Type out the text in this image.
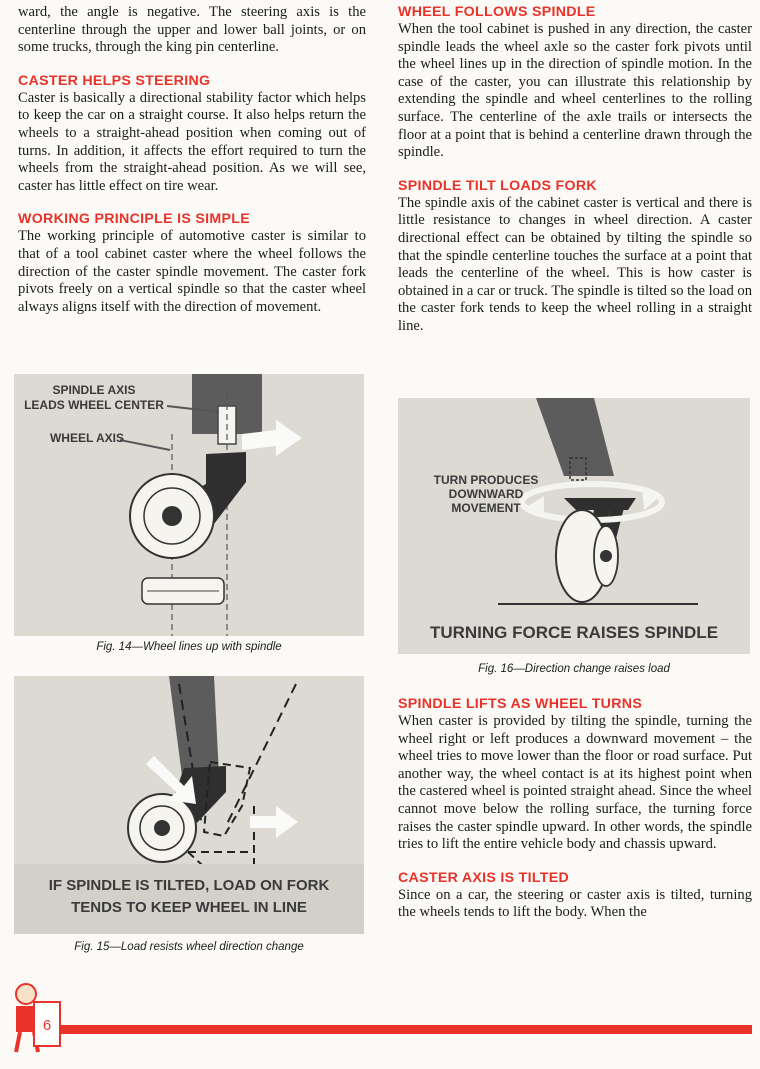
ward, the angle is negative. The steering axis is the centerline through the upper and lower ball joints, or on some trucks, through the king pin centerline.

CASTER HELPS STEERING

Caster is basically a directional stability factor which helps to keep the car on a straight course. It also helps return the wheels to a straight-ahead position when coming out of turns. In addition, it affects the effort required to turn the wheels from the straight-ahead position. As we will see, caster has little effect on tire wear.

WORKING PRINCIPLE IS SIMPLE

The working principle of automotive caster is similar to that of a tool cabinet caster where the wheel follows the direction of the caster spindle movement. The caster fork pivots freely on a vertical spindle so that the caster wheel always aligns itself with the direction of movement.

WHEEL FOLLOWS SPINDLE

When the tool cabinet is pushed in any direction, the caster spindle leads the wheel axle so the caster fork pivots until the wheel lines up in the direction of spindle motion. In the case of the caster, you can illustrate this relationship by extending the spindle and wheel centerlines to the rolling surface. The centerline of the axle trails or intersects the floor at a point that is behind a centerline drawn through the spindle.

SPINDLE TILT LOADS FORK

The spindle axis of the cabinet caster is vertical and there is little resistance to changes in wheel direction. A caster directional effect can be obtained by tilting the spindle so that the spindle centerline touches the surface at a point that leads the centerline of the wheel. This is how caster is obtained in a car or truck. The spindle is tilted so the load on the caster fork tends to keep the wheel rolling in a straight line.

SPINDLE LIFTS AS WHEEL TURNS

When caster is provided by tilting the spindle, turning the wheel right or left produces a downward movement – the wheel tries to move lower than the floor or road surface. Put another way, the wheel contact is at its highest point when the castered wheel is pointed straight ahead. Since the wheel cannot move below the rolling surface, the turning force raises the caster spindle upward. In other words, the spindle tries to lift the entire vehicle body and chassis upward.

CASTER AXIS IS TILTED

Since on a car, the steering or caster axis is tilted, turning the wheels tends to lift the body. When the

SPINDLE AXIS
LEADS WHEEL CENTER
WHEEL AXIS
Fig. 14—Wheel lines up with spindle
IF SPINDLE IS TILTED, LOAD ON FORK
TENDS TO KEEP WHEEL IN LINE
Fig. 15—Load resists wheel direction change
TURN PRODUCES
DOWNWARD
MOVEMENT
TURNING FORCE RAISES SPINDLE
Fig. 16—Direction change raises load
6
